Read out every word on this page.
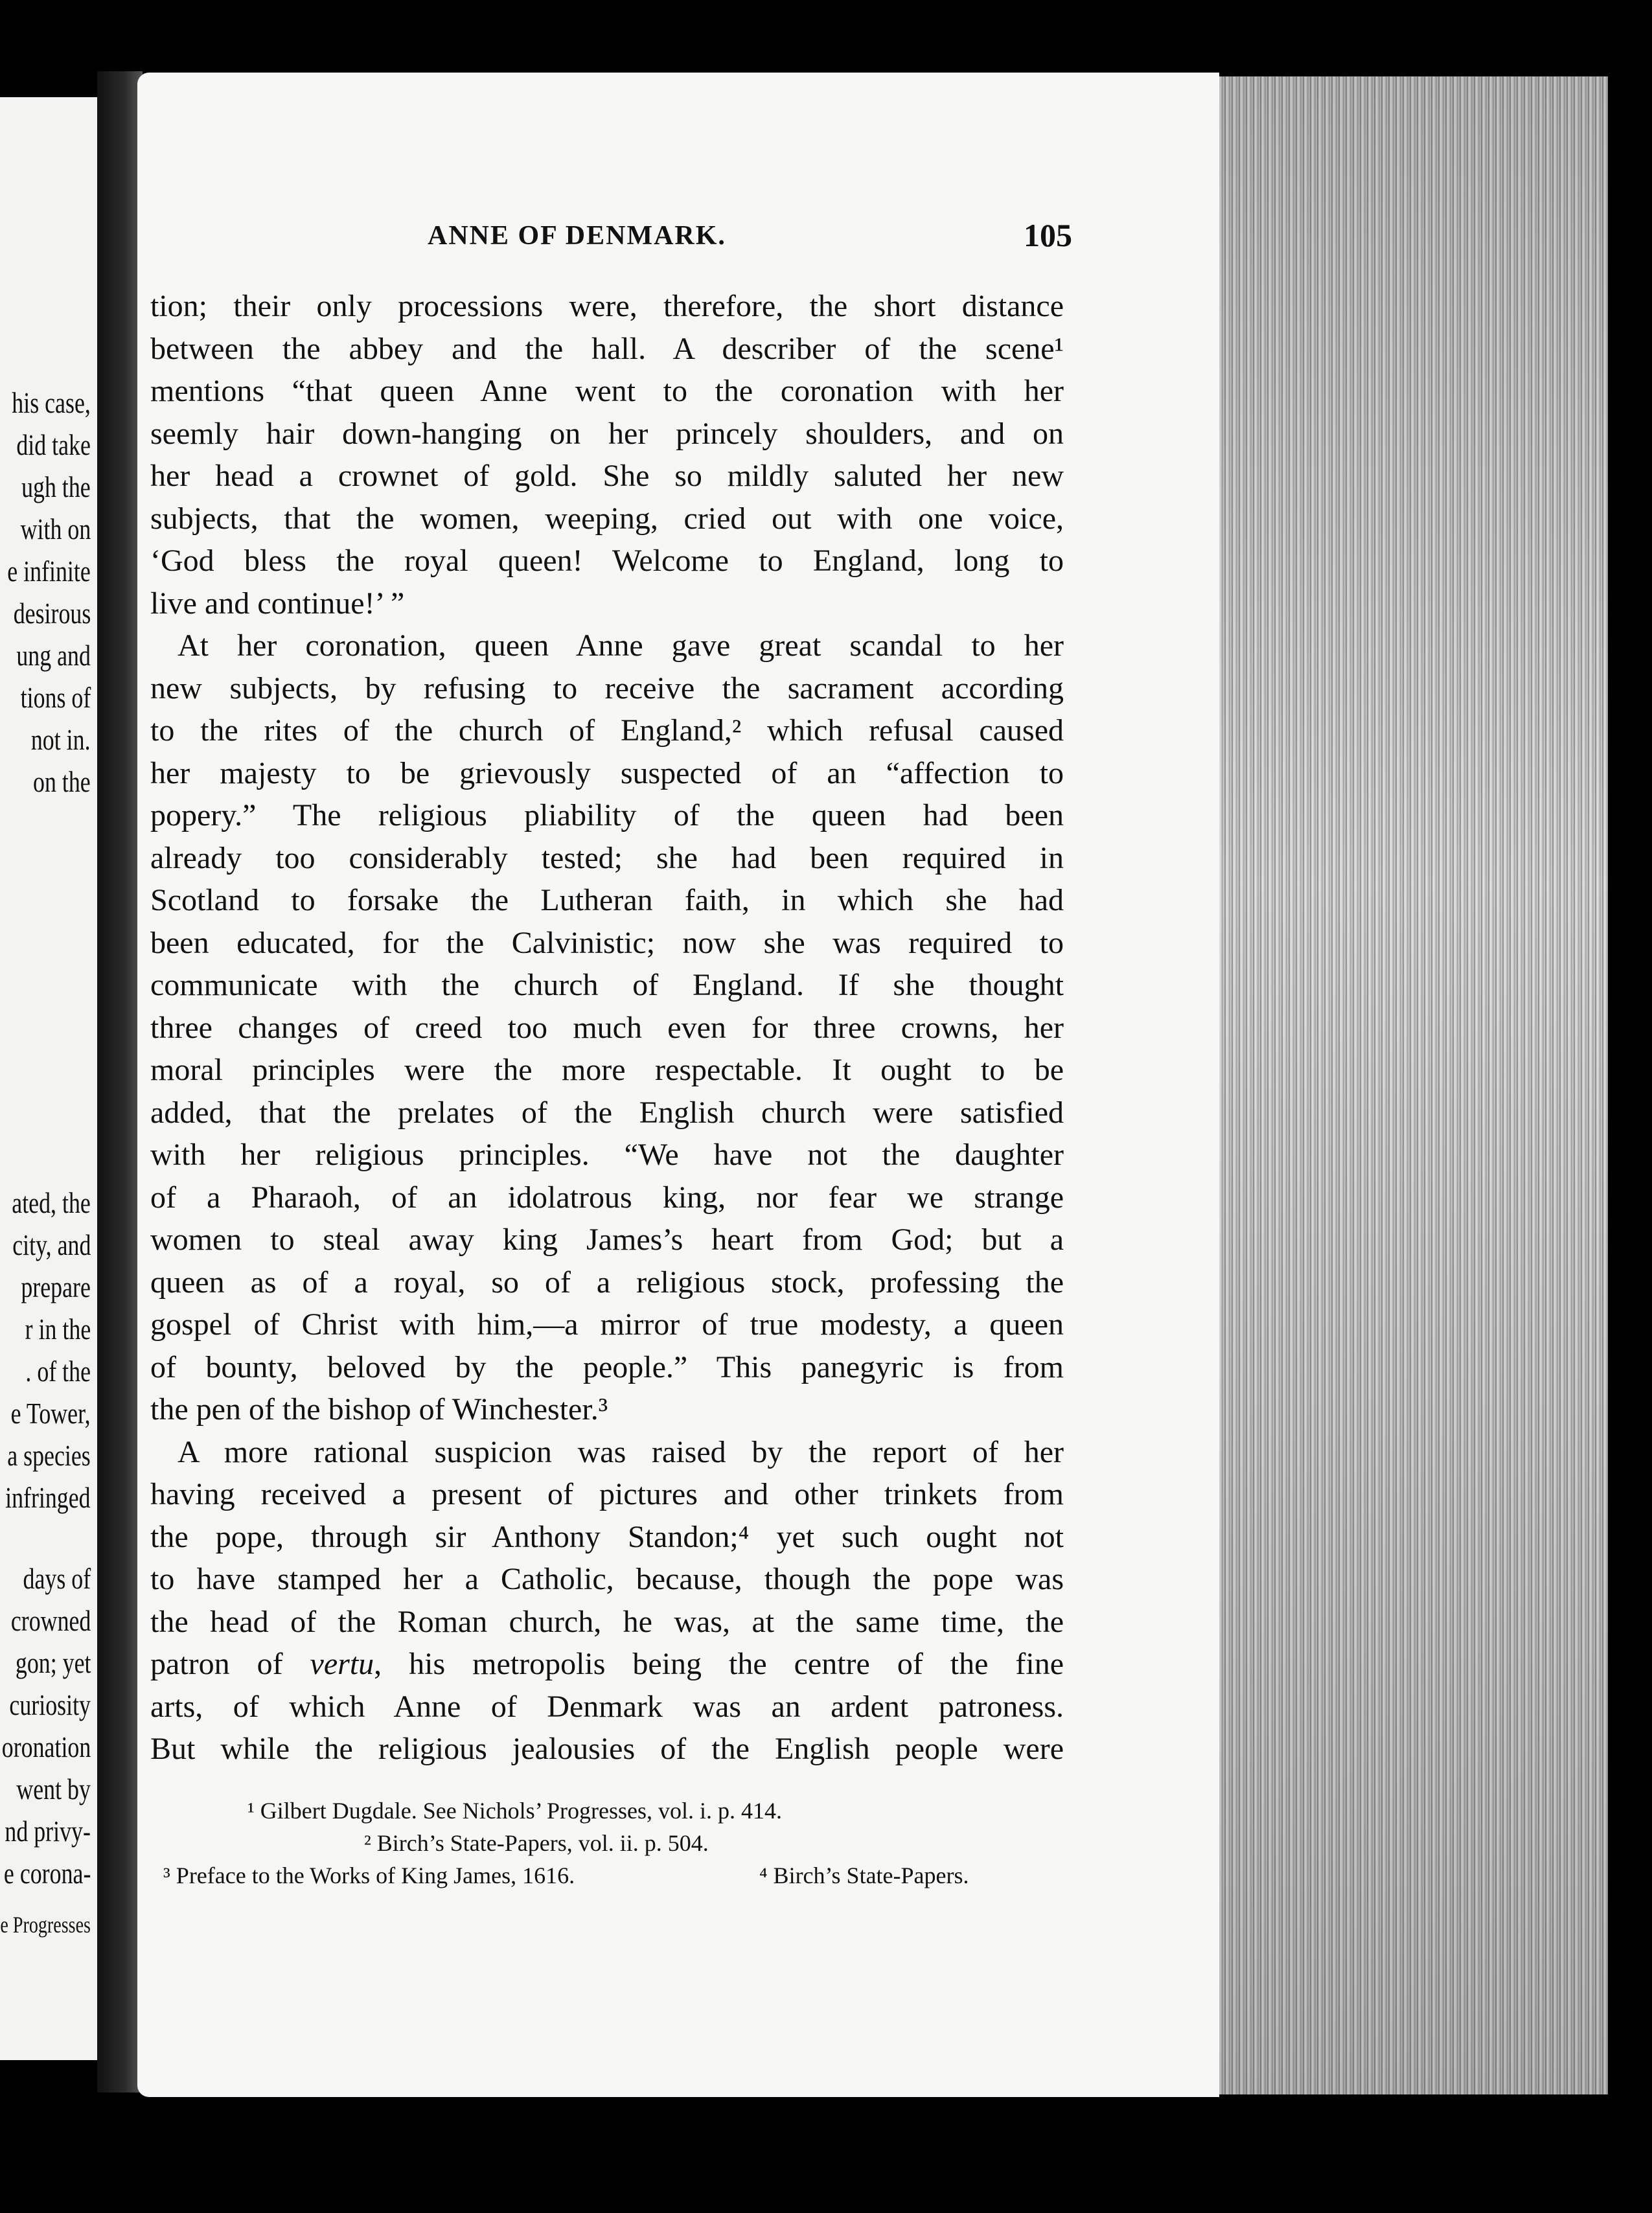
his case,
did take
ugh the
with on
e infinite
desirous
ung and
tions of
not in.
on the
ated, the
city, and
prepare
r in the
. of the
e Tower,
a species
infringed
days of
crowned
gon; yet
curiosity
oronation
went by
nd privy-
e corona-
e Progresses
ANNE OF DENMARK.	105
tion; their only processions were, therefore, the short distance
between the abbey and the hall. A describer of the scene¹
mentions “that queen Anne went to the coronation with her
seemly hair down-hanging on her princely shoulders, and on
her head a crownet of gold. She so mildly saluted her new
subjects, that the women, weeping, cried out with one voice,
‘God bless the royal queen! Welcome to England, long to
live and continue!’ ”
At her coronation, queen Anne gave great scandal to her
new subjects, by refusing to receive the sacrament according
to the rites of the church of England,² which refusal caused
her majesty to be grievously suspected of an “affection to
popery.” The religious pliability of the queen had been
already too considerably tested; she had been required in
Scotland to forsake the Lutheran faith, in which she had
been educated, for the Calvinistic; now she was required to
communicate with the church of England. If she thought
three changes of creed too much even for three crowns, her
moral principles were the more respectable. It ought to be
added, that the prelates of the English church were satisfied
with her religious principles. “We have not the daughter
of a Pharaoh, of an idolatrous king, nor fear we strange
women to steal away king James’s heart from God; but a
queen as of a royal, so of a religious stock, professing the
gospel of Christ with him,—a mirror of true modesty, a queen
of bounty, beloved by the people.” This panegyric is from
the pen of the bishop of Winchester.³
A more rational suspicion was raised by the report of her
having received a present of pictures and other trinkets from
the pope, through sir Anthony Standon;⁴ yet such ought not
to have stamped her a Catholic, because, though the pope was
the head of the Roman church, he was, at the same time, the
patron of vertu, his metropolis being the centre of the fine
arts, of which Anne of Denmark was an ardent patroness.
But while the religious jealousies of the English people were
¹ Gilbert Dugdale. See Nichols’ Progresses, vol. i. p. 414.
² Birch’s State-Papers, vol. ii. p. 504.
³ Preface to the Works of King James, 1616.	⁴ Birch’s State-Papers.
